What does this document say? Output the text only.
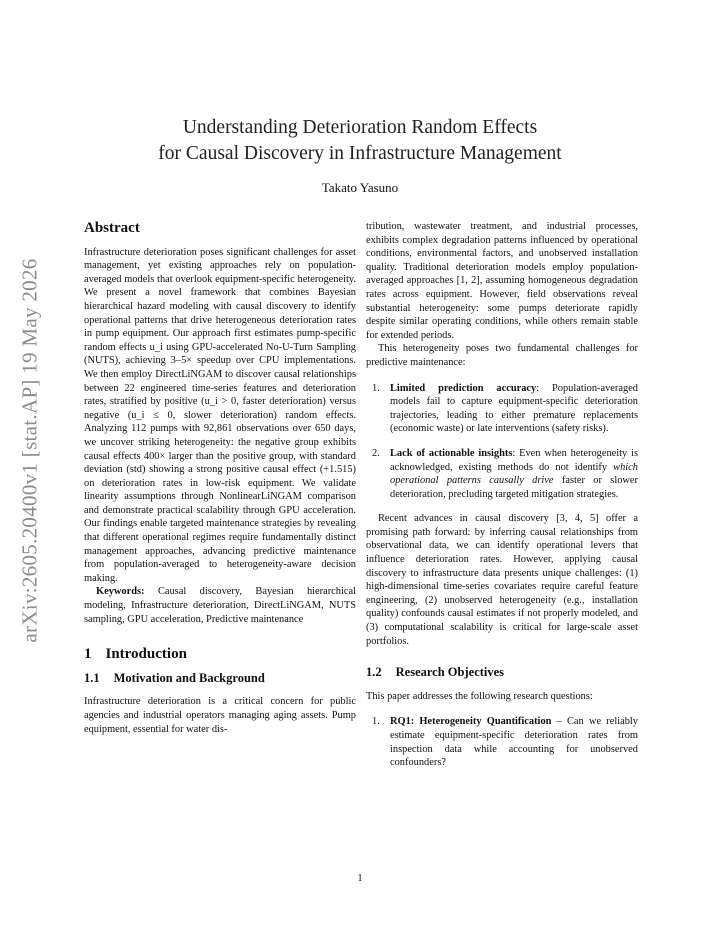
arXiv:2605.20400v1 [stat.AP] 19 May 2026
Understanding Deterioration Random Effects
for Causal Discovery in Infrastructure Management
Takato Yasuno
Abstract

Infrastructure deterioration poses significant challenges for asset management, yet existing approaches rely on population-averaged models that overlook equipment-specific heterogeneity. We present a novel framework that combines Bayesian hierarchical hazard modeling with causal discovery to identify operational patterns that drive heterogeneous deterioration rates in pump equipment. Our approach first estimates pump-specific random effects u_i using GPU-accelerated No-U-Turn Sampling (NUTS), achieving 3–5× speedup over CPU implementations. We then employ DirectLiNGAM to discover causal relationships between 22 engineered time-series features and deterioration rates, stratified by positive (u_i > 0, faster deterioration) versus negative (u_i ≤ 0, slower deterioration) random effects. Analyzing 112 pumps with 92,861 observations over 650 days, we uncover striking heterogeneity: the negative group exhibits causal effects 400× larger than the positive group, with standard deviation (std) showing a strong positive causal effect (+1.515) on deterioration rates in low-risk equipment. We validate linearity assumptions through NonlinearLiNGAM comparison and demonstrate practical scalability through GPU acceleration. Our findings enable targeted maintenance strategies by revealing that different operational regimes require fundamentally distinct management approaches, advancing predictive maintenance from population-averaged to heterogeneity-aware decision making.

Keywords: Causal discovery, Bayesian hierarchical modeling, Infrastructure deterioration, DirectLiNGAM, NUTS sampling, GPU acceleration, Predictive maintenance

1 Introduction
1.1 Motivation and Background

Infrastructure deterioration is a critical concern for public agencies and industrial operators managing aging assets. Pump equipment, essential for water dis-

tribution, wastewater treatment, and industrial processes, exhibits complex degradation patterns influenced by operational conditions, environmental factors, and unobserved installation quality. Traditional deterioration models employ population-averaged approaches [1, 2], assuming homogeneous degradation rates across equipment. However, field observations reveal substantial heterogeneity: some pumps deteriorate rapidly despite similar operating conditions, while others remain stable for extended periods.

This heterogeneity poses two fundamental challenges for predictive maintenance:

1. Limited prediction accuracy: Population-averaged models fail to capture equipment-specific deterioration trajectories, leading to either premature replacements (economic waste) or late interventions (safety risks).
2. Lack of actionable insights: Even when heterogeneity is acknowledged, existing methods do not identify which operational patterns causally drive faster or slower deterioration, precluding targeted mitigation strategies.

Recent advances in causal discovery [3, 4, 5] offer a promising path forward: by inferring causal relationships from observational data, we can identify operational levers that influence deterioration rates. However, applying causal discovery to infrastructure data presents unique challenges: (1) high-dimensional time-series covariates require careful feature engineering, (2) unobserved heterogeneity (e.g., installation quality) confounds causal estimates if not properly modeled, and (3) computational scalability is critical for large-scale asset portfolios.

1.2 Research Objectives

This paper addresses the following research questions:

1. RQ1: Heterogeneity Quantification – Can we reliably estimate equipment-specific deterioration rates from inspection data while accounting for unobserved confounders?
1
